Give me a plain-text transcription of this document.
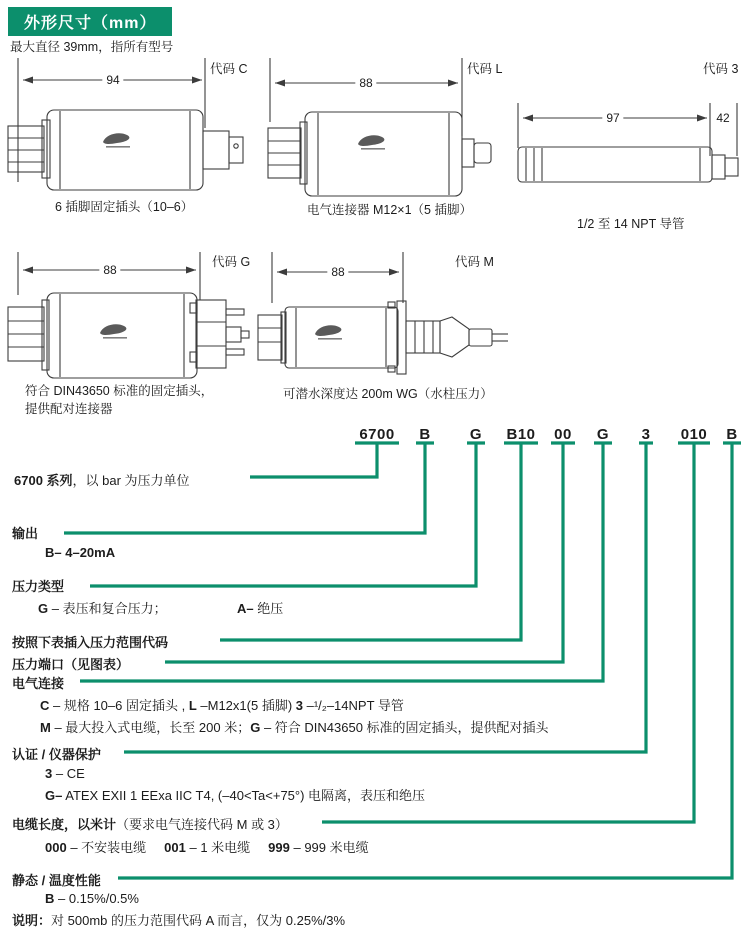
外形尺寸（mm）
最大直径 39mm，指所有型号
94
代码 C
6 插脚固定插头（10–6）
88
代码 L
电气连接器 M12×1（5 插脚）
97	42
代码 3
1/2 至 14 NPT 导管
88
代码 G
符合 DIN43650 标准的固定插头，
提供配对连接器
88
代码 M
可潜水深度达 200m WG（水柱压力）
6700 B	G B10 00 G 3 010 B
6700 系列，以 bar 为压力单位
输出
B– 4–20mA
压力类型
G – 表压和复合压力；	A– 绝压
按照下表插入压力范围代码
压力端口（见图表）
电气连接
C – 规格 10–6 固定插头 , L –M12x1(5 插脚) 3 –¹/₂–14NPT 导管
M – 最大投入式电缆，长至 200 米；G – 符合 DIN43650 标准的固定插头，提供配对插头
认证 / 仪器保护
3 – CE
G– ATEX EXII 1 EExa IIC T4, (–40<Ta<+75°) 电隔离，表压和绝压
电缆长度，以米计（要求电气连接代码 M 或 3）
000 – 不安装电缆 001 – 1 米电缆 999 – 999 米电缆
静态 / 温度性能
B – 0.15%/0.5%
说明：对 500mb 的压力范围代码 A 而言，仅为 0.25%/3%
